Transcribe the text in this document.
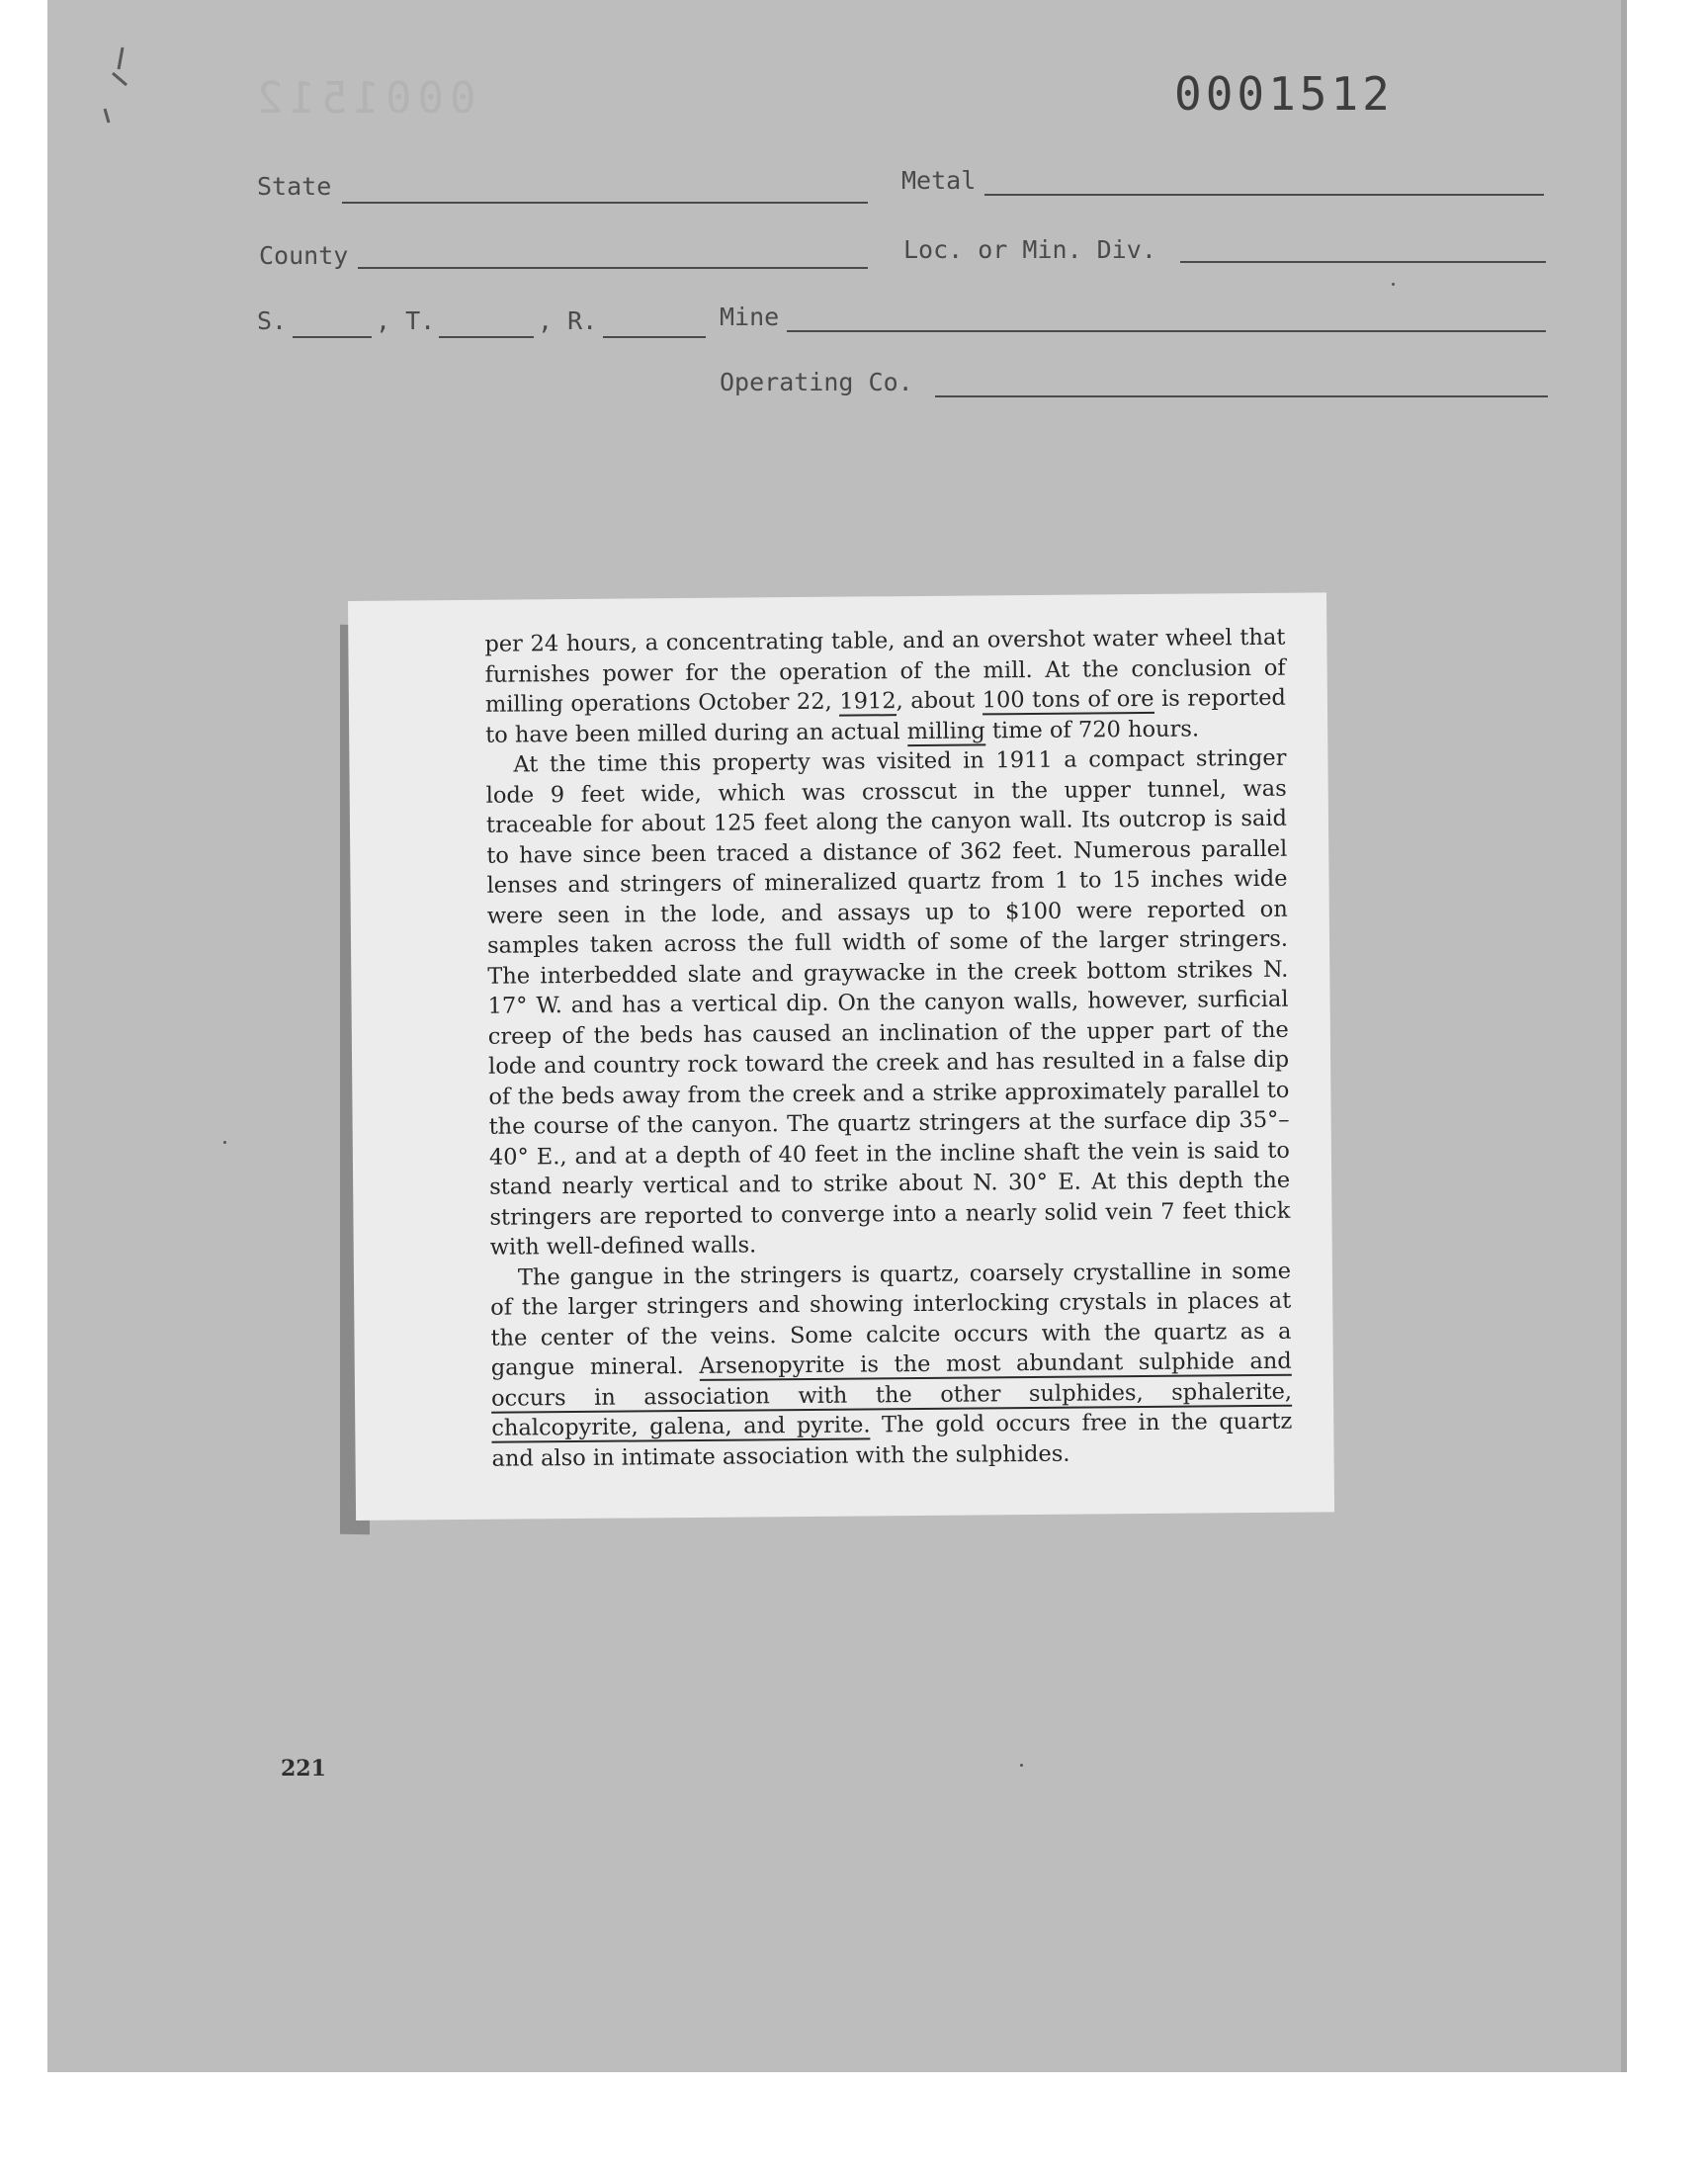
0001512	0001512
State	Metal
County	Loc. or Min. Div.
S.	, T.	, R.	Mine
Operating Co.
221

per 24 hours, a concentrating table, and an overshot water wheel that furnishes power for the operation of the mill. At the conclusion of milling operations October 22, 1912, about 100 tons of ore is reported to have been milled during an actual milling time of 720 hours.

At the time this property was visited in 1911 a compact stringer lode 9 feet wide, which was crosscut in the upper tunnel, was traceable for about 125 feet along the canyon wall. Its outcrop is said to have since been traced a distance of 362 feet. Numerous parallel lenses and stringers of mineralized quartz from 1 to 15 inches wide were seen in the lode, and assays up to $100 were reported on samples taken across the full width of some of the larger stringers. The interbedded slate and graywacke in the creek bottom strikes N. 17° W. and has a vertical dip. On the canyon walls, however, surficial creep of the beds has caused an inclination of the upper part of the lode and country rock toward the creek and has resulted in a false dip of the beds away from the creek and a strike approximately parallel to the course of the canyon. The quartz stringers at the surface dip 35°–40° E., and at a depth of 40 feet in the incline shaft the vein is said to stand nearly vertical and to strike about N. 30° E. At this depth the stringers are reported to converge into a nearly solid vein 7 feet thick with well-defined walls.

The gangue in the stringers is quartz, coarsely crystalline in some of the larger stringers and showing interlocking crystals in places at the center of the veins. Some calcite occurs with the quartz as a gangue mineral. Arsenopyrite is the most abundant sulphide and occurs in association with the other sulphides, sphalerite, chalcopyrite, galena, and pyrite. The gold occurs free in the quartz and also in intimate association with the sulphides.
